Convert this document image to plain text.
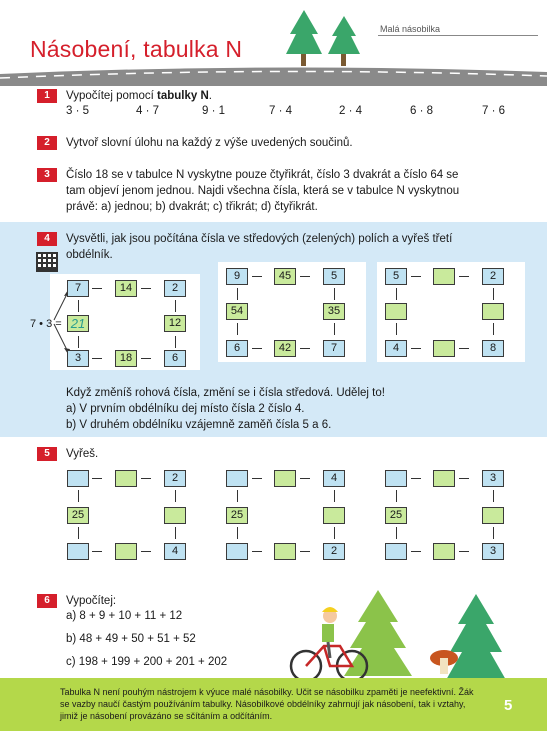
Násobení, tabulka N
Malá násobilka
1	Vypočítej pomocí tabulky N.
3 · 5	4 · 7	9 · 1	7 · 4	2 · 4	6 · 8	7 · 6
2	Vytvoř slovní úlohu na každý z výše uvedených součinů.
3	Číslo 18 se v tabulce N vyskytne pouze čtyřikrát, číslo 3 dvakrát a číslo 64 se
tam objeví jenom jednou. Najdi všechna čísla, která se v tabulce N vyskytnou
právě: a) jednou; b) dvakrát; c) třikrát; d) čtyřikrát.
4	Vysvětli, jak jsou počítána čísla ve středových (zelených) polích a vyřeš třetí
obdélník.
7 • 3 =
7	14	2
21	12
3	18	6
9	45	5
54	35
6	42	7
5	2
4	8
Když změníš rohová čísla, změní se i čísla středová. Udělej to!
a) V prvním obdélníku dej místo čísla 2 číslo 4.
b) V druhém obdélníku vzájemně zaměň čísla 5 a 6.
5	Vyřeš.
2
25
4
4
25
2
3
25
3
6	Vypočítej:
a) 8 + 9 + 10 + 11 + 12
b) 48 + 49 + 50 + 51 + 52
c) 198 + 199 + 200 + 201 + 202
Tabulka N není pouhým nástrojem k výuce malé násobilky. Učit se násobilku zpaměti je neefektivní. Žák se vazby naučí častým používáním tabulky. Násobilkové obdélníky zahrnují jak násobení, tak i vztahy, jimiž je násobení provázáno se sčítáním a odčítáním.
5
